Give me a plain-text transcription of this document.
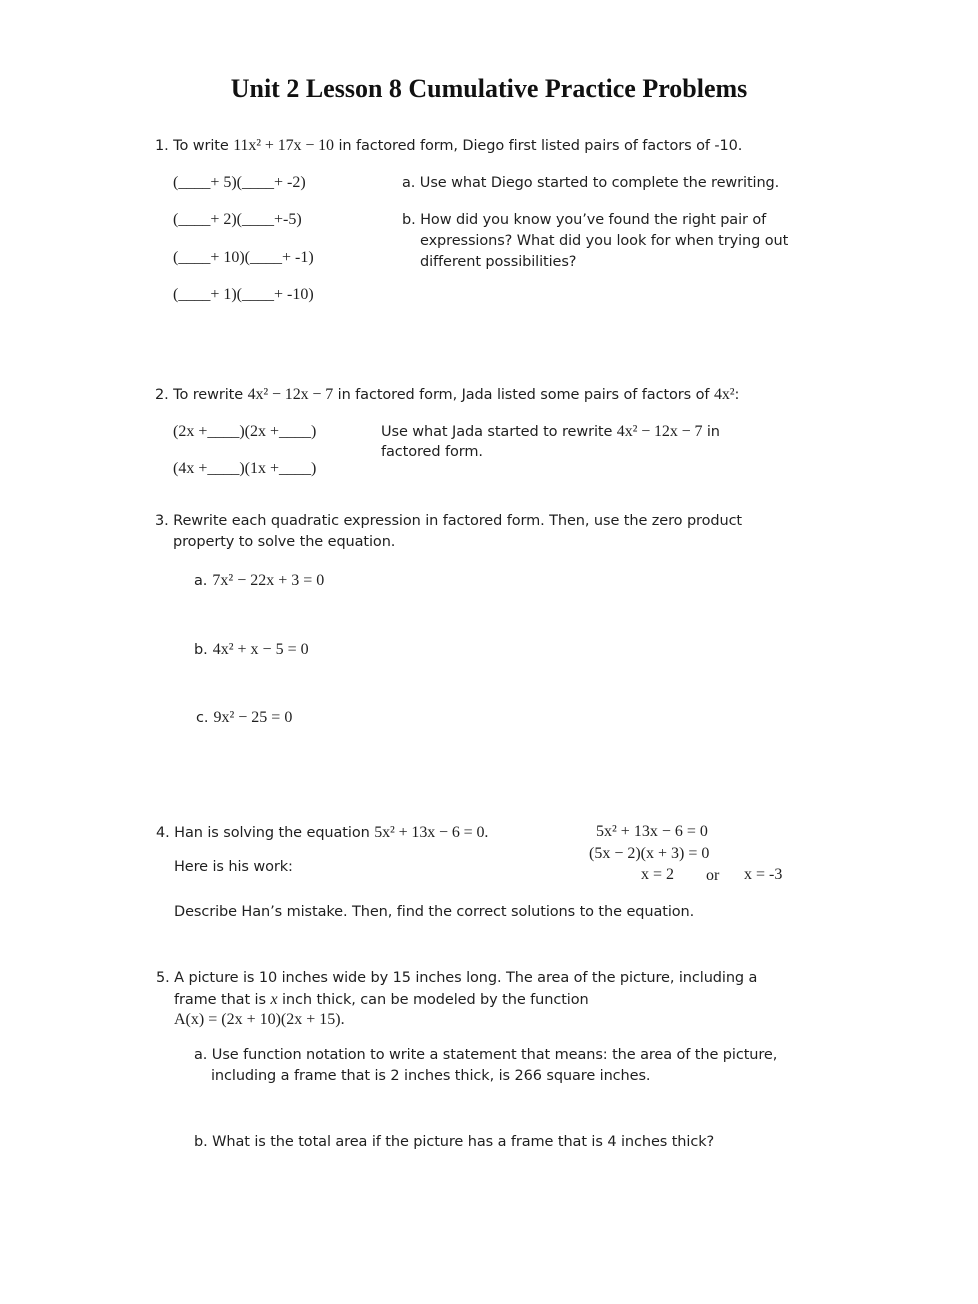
Unit 2 Lesson 8 Cumulative Practice Problems
1. To write 11x² + 17x − 10 in factored form, Diego first listed pairs of factors of -10.
(____+ 5)(____+ -2)
(____+ 2)(____+-5)
(____+ 10)(____+ -1)
(____+ 1)(____+ -10)
a. Use what Diego started to complete the rewriting.
b. How did you know you’ve found the right pair of
expressions? What did you look for when trying out
different possibilities?
2. To rewrite 4x² − 12x − 7 in factored form, Jada listed some pairs of factors of 4x²:
(2x +____)(2x +____)
(4x +____)(1x +____)
Use what Jada started to rewrite 4x² − 12x − 7 in
factored form.
3. Rewrite each quadratic expression in factored form. Then, use the zero product
property to solve the equation.
a. 7x² − 22x + 3 = 0
b. 4x² + x − 5 = 0
c. 9x² − 25 = 0
4. Han is solving the equation 5x² + 13x − 6 = 0.
Here is his work:
5x² + 13x − 6 = 0
(5x − 2)(x + 3) = 0
x = 2 or x = -3
Describe Han’s mistake. Then, find the correct solutions to the equation.
5. A picture is 10 inches wide by 15 inches long. The area of the picture, including a
frame that is x inch thick, can be modeled by the function
A(x) = (2x + 10)(2x + 15).
a. Use function notation to write a statement that means: the area of the picture,
including a frame that is 2 inches thick, is 266 square inches.
b. What is the total area if the picture has a frame that is 4 inches thick?
